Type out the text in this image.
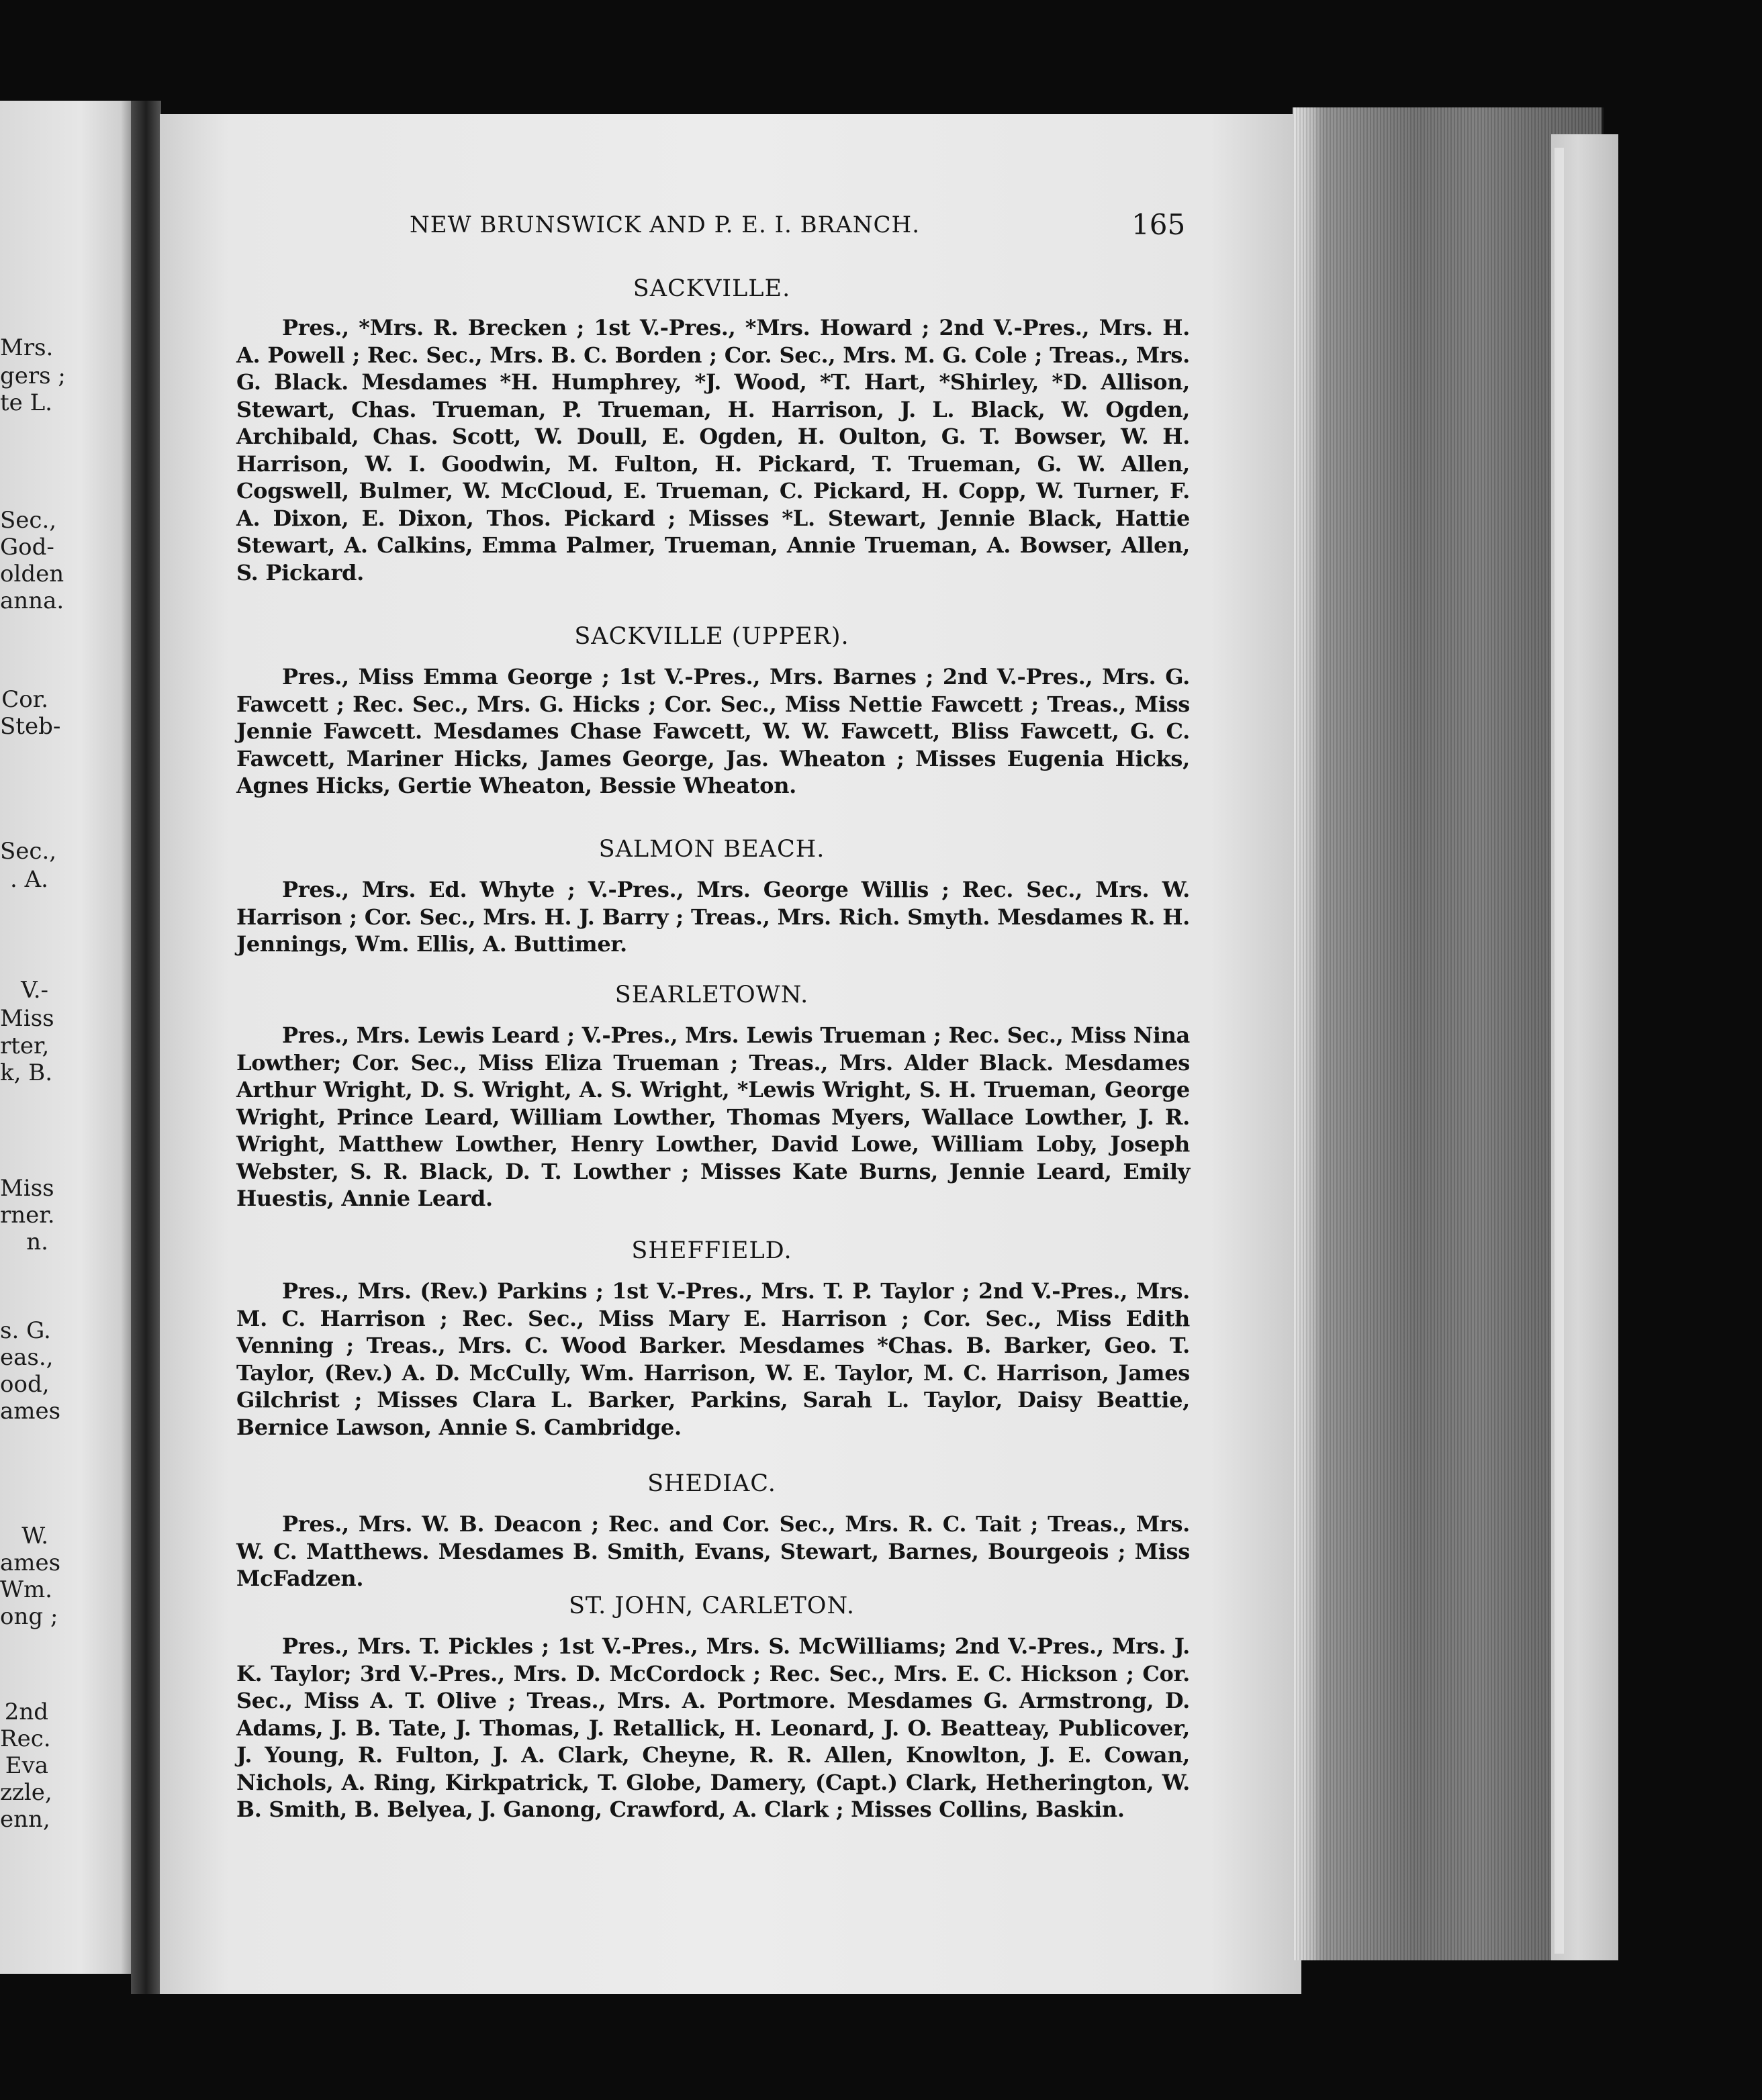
Mrs.
gers ;
te L.
Sec.,
God-
olden
anna.
Cor.
Steb-
Sec.,
. A.
V.-
Miss
rter,
k, B.
Miss
rner.
n.
s. G.
eas.,
ood,
ames
W.
ames
Wm.
ong ;
2nd
Rec.
Eva
zzle,
enn,
NEW BRUNSWICK AND P. E. I. BRANCH.	165
SACKVILLE.
Pres., *Mrs. R. Brecken ; 1st V.-Pres., *Mrs. Howard ; 2nd V.-Pres., Mrs. H. A. Powell ; Rec. Sec., Mrs. B. C. Borden ; Cor. Sec., Mrs. M. G. Cole ; Treas., Mrs. G. Black. Mesdames *H. Humphrey, *J. Wood, *T. Hart, *Shirley, *D. Allison, Stewart, Chas. Trueman, P. Trueman, H. Harrison, J. L. Black, W. Ogden, Archibald, Chas. Scott, W. Doull, E. Ogden, H. Oulton, G. T. Bowser, W. H. Harrison, W. I. Goodwin, M. Fulton, H. Pickard, T. Trueman, G. W. Allen, Cogswell, Bulmer, W. McCloud, E. Trueman, C. Pickard, H. Copp, W. Turner, F. A. Dixon, E. Dixon, Thos. Pickard ; Misses *L. Stewart, Jennie Black, Hattie Stewart, A. Calkins, Emma Palmer, Trueman, Annie Trueman, A. Bowser, Allen, S. Pickard.
SACKVILLE (UPPER).
Pres., Miss Emma George ; 1st V.-Pres., Mrs. Barnes ; 2nd V.-Pres., Mrs. G. Fawcett ; Rec. Sec., Mrs. G. Hicks ; Cor. Sec., Miss Nettie Fawcett ; Treas., Miss Jennie Fawcett. Mesdames Chase Fawcett, W. W. Fawcett, Bliss Fawcett, G. C. Fawcett, Mariner Hicks, James George, Jas. Wheaton ; Misses Eugenia Hicks, Agnes Hicks, Gertie Wheaton, Bessie Wheaton.
SALMON BEACH.
Pres., Mrs. Ed. Whyte ; V.-Pres., Mrs. George Willis ; Rec. Sec., Mrs. W. Harrison ; Cor. Sec., Mrs. H. J. Barry ; Treas., Mrs. Rich. Smyth. Mesdames R. H. Jennings, Wm. Ellis, A. Buttimer.
SEARLETOWN.
Pres., Mrs. Lewis Leard ; V.-Pres., Mrs. Lewis Trueman ; Rec. Sec., Miss Nina Lowther; Cor. Sec., Miss Eliza Trueman ; Treas., Mrs. Alder Black. Mesdames Arthur Wright, D. S. Wright, A. S. Wright, *Lewis Wright, S. H. Trueman, George Wright, Prince Leard, William Lowther, Thomas Myers, Wallace Lowther, J. R. Wright, Matthew Lowther, Henry Lowther, David Lowe, William Loby, Joseph Webster, S. R. Black, D. T. Lowther ; Misses Kate Burns, Jennie Leard, Emily Huestis, Annie Leard.
SHEFFIELD.
Pres., Mrs. (Rev.) Parkins ; 1st V.-Pres., Mrs. T. P. Taylor ; 2nd V.-Pres., Mrs. M. C. Harrison ; Rec. Sec., Miss Mary E. Harrison ; Cor. Sec., Miss Edith Venning ; Treas., Mrs. C. Wood Barker. Mesdames *Chas. B. Barker, Geo. T. Taylor, (Rev.) A. D. McCully, Wm. Harrison, W. E. Taylor, M. C. Harrison, James Gilchrist ; Misses Clara L. Barker, Parkins, Sarah L. Taylor, Daisy Beattie, Bernice Lawson, Annie S. Cambridge.
SHEDIAC.
Pres., Mrs. W. B. Deacon ; Rec. and Cor. Sec., Mrs. R. C. Tait ; Treas., Mrs. W. C. Matthews. Mesdames B. Smith, Evans, Stewart, Barnes, Bourgeois ; Miss McFadzen.
ST. JOHN, CARLETON.
Pres., Mrs. T. Pickles ; 1st V.-Pres., Mrs. S. McWilliams; 2nd V.-Pres., Mrs. J. K. Taylor; 3rd V.-Pres., Mrs. D. McCordock ; Rec. Sec., Mrs. E. C. Hickson ; Cor. Sec., Miss A. T. Olive ; Treas., Mrs. A. Portmore. Mesdames G. Armstrong, D. Adams, J. B. Tate, J. Thomas, J. Retallick, H. Leonard, J. O. Beatteay, Publicover, J. Young, R. Fulton, J. A. Clark, Cheyne, R. R. Allen, Knowlton, J. E. Cowan, Nichols, A. Ring, Kirkpatrick, T. Globe, Damery, (Capt.) Clark, Hetherington, W. B. Smith, B. Belyea, J. Ganong, Crawford, A. Clark ; Misses Collins, Baskin.
